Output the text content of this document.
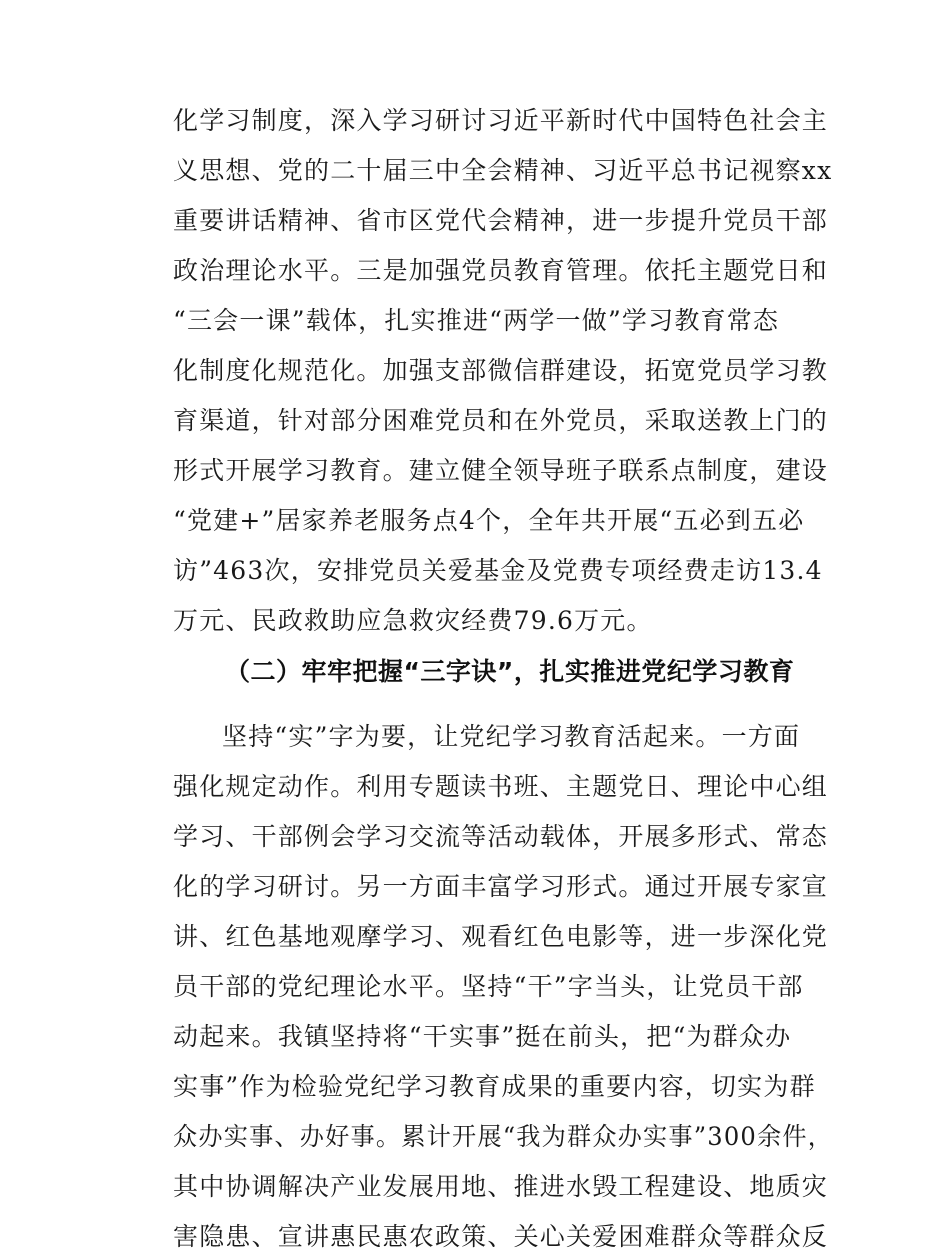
化学习制度，深入学习研讨习近平新时代中国特色社会主
义思想、党的二十届三中全会精神、习近平总书记视察xx
重要讲话精神、省市区党代会精神，进一步提升党员干部
政治理论水平。三是加强党员教育管理。依托主题党日和
“三会一课”载体，扎实推进“两学一做”学习教育常态
化制度化规范化。加强支部微信群建设，拓宽党员学习教
育渠道，针对部分困难党员和在外党员，采取送教上门的
形式开展学习教育。建立健全领导班子联系点制度，建设
“党建+”居家养老服务点4个，全年共开展“五必到五必
访”463次，安排党员关爱基金及党费专项经费走访13.4
万元、民政救助应急救灾经费79.6万元。
（二）牢牢把握“三字诀”，扎实推进党纪学习教育
坚持“实”字为要，让党纪学习教育活起来。一方面
强化规定动作。利用专题读书班、主题党日、理论中心组
学习、干部例会学习交流等活动载体，开展多形式、常态
化的学习研讨。另一方面丰富学习形式。通过开展专家宣
讲、红色基地观摩学习、观看红色电影等，进一步深化党
员干部的党纪理论水平。坚持“干”字当头，让党员干部
动起来。我镇坚持将“干实事”挺在前头，把“为群众办
实事”作为检验党纪学习教育成果的重要内容，切实为群
众办实事、办好事。累计开展“我为群众办实事”300余件，
其中协调解决产业发展用地、推进水毁工程建设、地质灾
害隐患、宣讲惠民惠农政策、关心关爱困难群众等群众反
